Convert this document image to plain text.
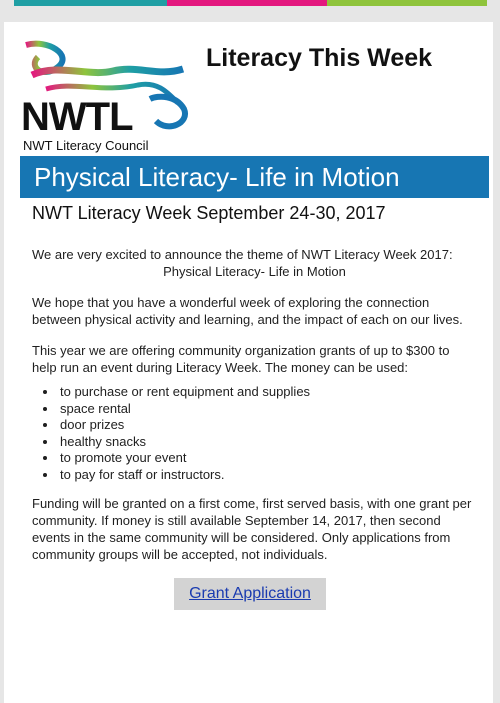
NWTL
NWT Literacy Council
Literacy This Week
Physical Literacy- Life in Motion
NWT Literacy Week September 24-30, 2017
We are very excited to announce the theme of NWT Literacy Week 2017:
Physical Literacy- Life in Motion
We hope that you have a wonderful week of exploring the connection between physical activity and learning, and the impact of each on our lives.
This year we are offering community organization grants of up to $300 to help run an event during Literacy Week. The money can be used:
to purchase or rent equipment and supplies
space rental
door prizes
healthy snacks
to promote your event
to pay for staff or instructors.
Funding will be granted on a first come, first served basis, with one grant per community. If money is still available September 14, 2017, then second events in the same community will be considered. Only applications from community groups will be accepted, not individuals.
Grant Application
